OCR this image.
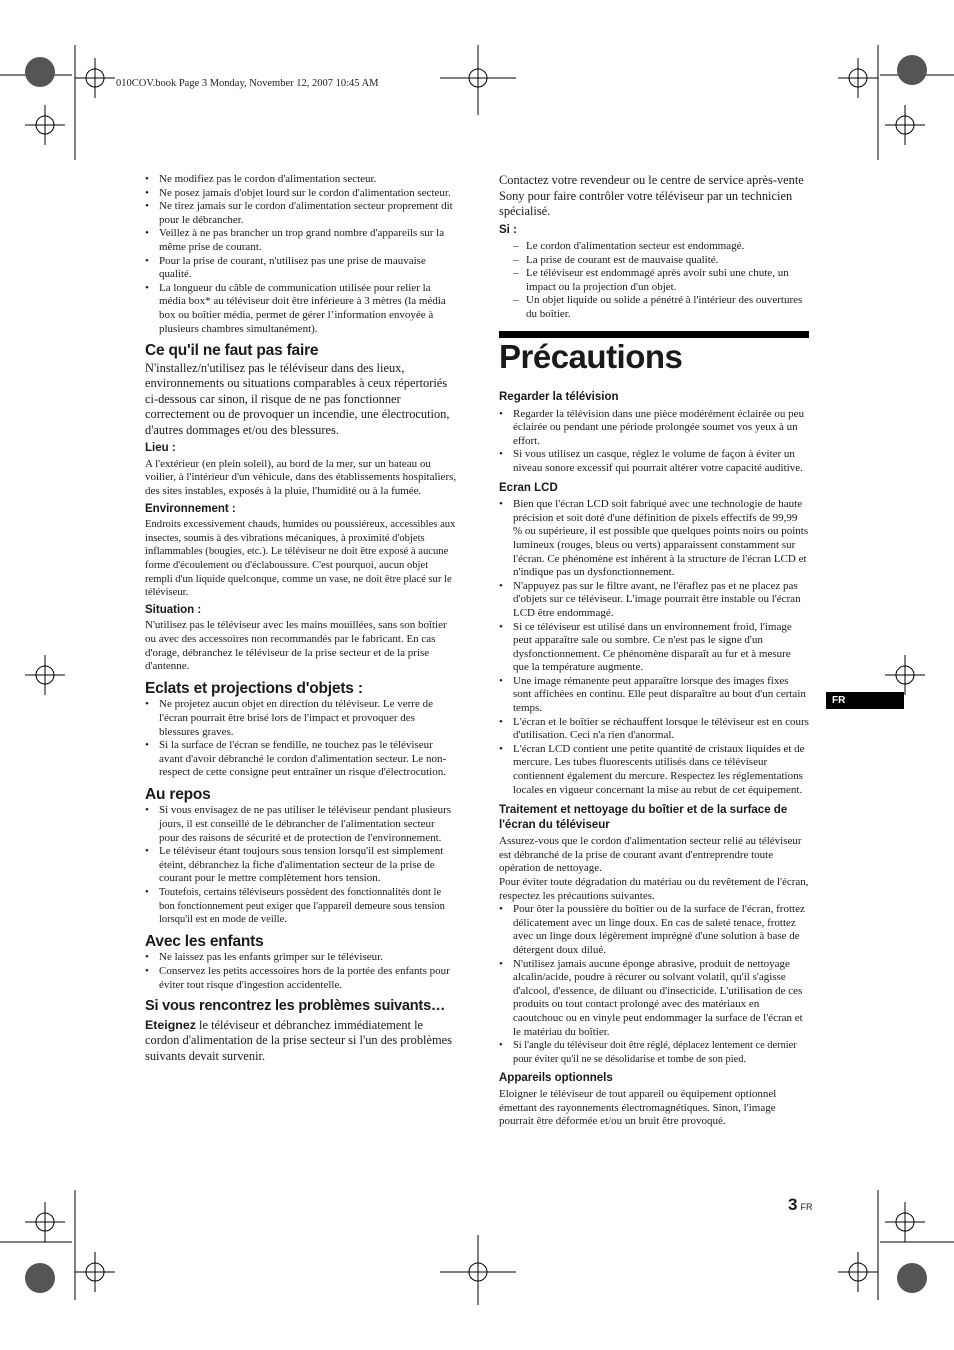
010COV.book Page 3 Monday, November 12, 2007 10:45 AM
• Ne modifiez pas le cordon d'alimentation secteur.
• Ne posez jamais d'objet lourd sur le cordon d'alimentation secteur.
• Ne tirez jamais sur le cordon d'alimentation secteur proprement dit pour le débrancher.
• Veillez à ne pas brancher un trop grand nombre d'appareils sur la même prise de courant.
• Pour la prise de courant, n'utilisez pas une prise de mauvaise qualité.
• La longueur du câble de communication utilisée pour relier la média box* au téléviseur doit être inférieure à 3 mètres (la média box ou boîtier média, permet de gérer l’information envoyée à plusieurs chambres simultanément).

Ce qu'il ne faut pas faire

N'installez/n'utilisez pas le téléviseur dans des lieux, environnements ou situations comparables à ceux répertoriés ci-dessous car sinon, il risque de ne pas fonctionner correctement ou de provoquer un incendie, une électrocution, d'autres dommages et/ou des blessures.

Lieu :

A l'extérieur (en plein soleil), au bord de la mer, sur un bateau ou voilier, à l'intérieur d'un véhicule, dans des établissements hospitaliers, des sites instables, exposés à la pluie, l'humidité ou à la fumée.

Environnement :

Endroits excessivement chauds, humides ou poussiéreux, accessibles aux insectes, soumis à des vibrations mécaniques, à proximité d'objets inflammables (bougies, etc.). Le téléviseur ne doit être exposé à aucune forme d'écoulement ou d'éclaboussure. C'est pourquoi, aucun objet rempli d'un liquide quelconque, comme un vase, ne doit être placé sur le téléviseur.

Situation :

N'utilisez pas le téléviseur avec les mains mouillées, sans son boîtier ou avec des accessoires non recommandés par le fabricant. En cas d'orage, débranchez le téléviseur de la prise secteur et de la prise d'antenne.

Eclats et projections d'objets :

• Ne projetez aucun objet en direction du téléviseur. Le verre de l'écran pourrait être brisé lors de l'impact et provoquer des blessures graves.
• Si la surface de l'écran se fendille, ne touchez pas le téléviseur avant d'avoir débranché le cordon d'alimentation secteur. Le non-respect de cette consigne peut entraîner un risque d'électrocution.

Au repos

• Si vous envisagez de ne pas utiliser le téléviseur pendant plusieurs jours, il est conseillé de le débrancher de l'alimentation secteur pour des raisons de sécurité et de protection de l'environnement.
• Le téléviseur étant toujours sous tension lorsqu'il est simplement éteint, débranchez la fiche d'alimentation secteur de la prise de courant pour le mettre complètement hors tension.
• Toutefois, certains téléviseurs possèdent des fonctionnalités dont le bon fonctionnement peut exiger que l'appareil demeure sous tension lorsqu'il est en mode de veille.

Avec les enfants

• Ne laissez pas les enfants grimper sur le téléviseur.
• Conservez les petits accessoires hors de la portée des enfants pour éviter tout risque d'ingestion accidentelle.

Si vous rencontrez les problèmes suivants…

Eteignez le téléviseur et débranchez immédiatement le cordon d'alimentation de la prise secteur si l'un des problèmes suivants devait survenir.

Contactez votre revendeur ou le centre de service après-vente Sony pour faire contrôler votre téléviseur par un technicien spécialisé.

Si :

– Le cordon d'alimentation secteur est endommagé.
– La prise de courant est de mauvaise qualité.
– Le téléviseur est endommagé après avoir subi une chute, un impact ou la projection d'un objet.
– Un objet liquide ou solide a pénétré à l'intérieur des ouvertures du boîtier.
Précautions

Regarder la télévision

• Regarder la télévision dans une pièce modérément éclairée ou peu éclairée ou pendant une période prolongée soumet vos yeux à un effort.
• Si vous utilisez un casque, réglez le volume de façon à éviter un niveau sonore excessif qui pourrait altérer votre capacité auditive.

Ecran LCD

• Bien que l'écran LCD soit fabriqué avec une technologie de haute précision et soit doté d'une définition de pixels effectifs de 99,99 % ou supérieure, il est possible que quelques points noirs ou points lumineux (rouges, bleus ou verts) apparaissent constamment sur l'écran. Ce phénomène est inhérent à la structure de l'écran LCD et n'indique pas un dysfonctionnement.
• N'appuyez pas sur le filtre avant, ne l'éraflez pas et ne placez pas d'objets sur ce téléviseur. L'image pourrait être instable ou l'écran LCD être endommagé.
• Si ce téléviseur est utilisé dans un environnement froid, l'image peut apparaître sale ou sombre. Ce n'est pas le signe d'un dysfonctionnement. Ce phénomène disparaît au fur et à mesure que la température augmente.
• Une image rémanente peut apparaître lorsque des images fixes sont affichées en continu. Elle peut disparaître au bout d'un certain temps.
• L'écran et le boîtier se réchauffent lorsque le téléviseur est en cours d'utilisation. Ceci n'a rien d'anormal.
• L'écran LCD contient une petite quantité de cristaux liquides et de mercure. Les tubes fluorescents utilisés dans ce téléviseur contiennent également du mercure. Respectez les réglementations locales en vigueur concernant la mise au rebut de cet équipement.

Traitement et nettoyage du boîtier et de la surface de l'écran du téléviseur

Assurez-vous que le cordon d'alimentation secteur relié au téléviseur est débranché de la prise de courant avant d'entreprendre toute opération de nettoyage.

Pour éviter toute dégradation du matériau ou du revêtement de l'écran, respectez les précautions suivantes.

• Pour ôter la poussière du boîtier ou de la surface de l'écran, frottez délicatement avec un linge doux. En cas de saleté tenace, frottez avec un linge doux légèrement imprégné d'une solution à base de détergent doux dilué.
• N'utilisez jamais aucune éponge abrasive, produit de nettoyage alcalin/acide, poudre à récurer ou solvant volatil, qu'il s'agisse d'alcool, d'essence, de diluant ou d'insecticide. L'utilisation de ces produits ou tout contact prolongé avec des matériaux en caoutchouc ou en vinyle peut endommager la surface de l'écran et le matériau du boîtier.
• Si l'angle du téléviseur doit être réglé, déplacez lentement ce dernier pour éviter qu'il ne se désolidarise et tombe de son pied.

Appareils optionnels

Eloigner le téléviseur de tout appareil ou équipement optionnel émettant des rayonnements électromagnétiques. Sinon, l'image pourrait être déformée et/ou un bruit être provoqué.

FR
3 FR
